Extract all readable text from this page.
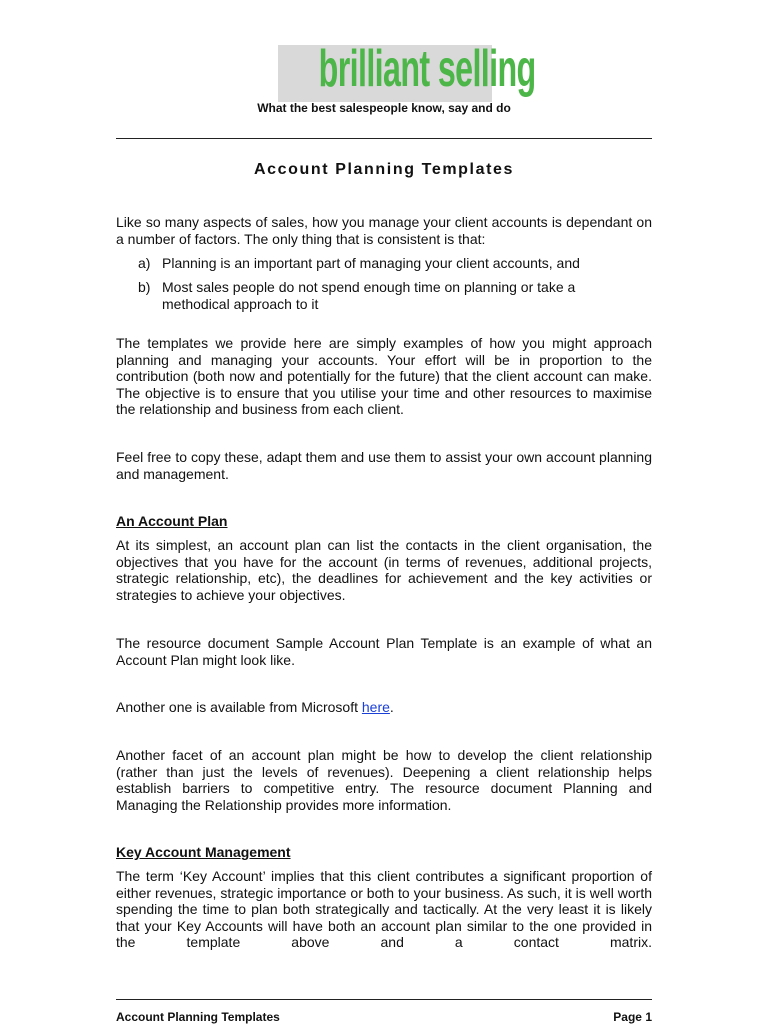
brilliant selling
What the best salespeople know, say and do
Account Planning Templates

Like so many aspects of sales, how you manage your client accounts is dependant on a number of factors. The only thing that is consistent is that:

a) Planning is an important part of managing your client accounts, and
b) Most sales people do not spend enough time on planning or take a methodical approach to it

The templates we provide here are simply examples of how you might approach planning and managing your accounts. Your effort will be in proportion to the contribution (both now and potentially for the future) that the client account can make. The objective is to ensure that you utilise your time and other resources to maximise the relationship and business from each client.

Feel free to copy these, adapt them and use them to assist your own account planning and management.

An Account Plan

At its simplest, an account plan can list the contacts in the client organisation, the objectives that you have for the account (in terms of revenues, additional projects, strategic relationship, etc), the deadlines for achievement and the key activities or strategies to achieve your objectives.

The resource document Sample Account Plan Template is an example of what an Account Plan might look like.

Another one is available from Microsoft here.

Another facet of an account plan might be how to develop the client relationship (rather than just the levels of revenues). Deepening a client relationship helps establish barriers to competitive entry. The resource document Planning and Managing the Relationship provides more information.

Key Account Management

The term ‘Key Account’ implies that this client contributes a significant proportion of either revenues, strategic importance or both to your business. As such, it is well worth spending the time to plan both strategically and tactically. At the very least it is likely that your Key Accounts will have both an account plan similar to the one provided in the template above and a contact matrix.

Account Planning Templates	Page 1
